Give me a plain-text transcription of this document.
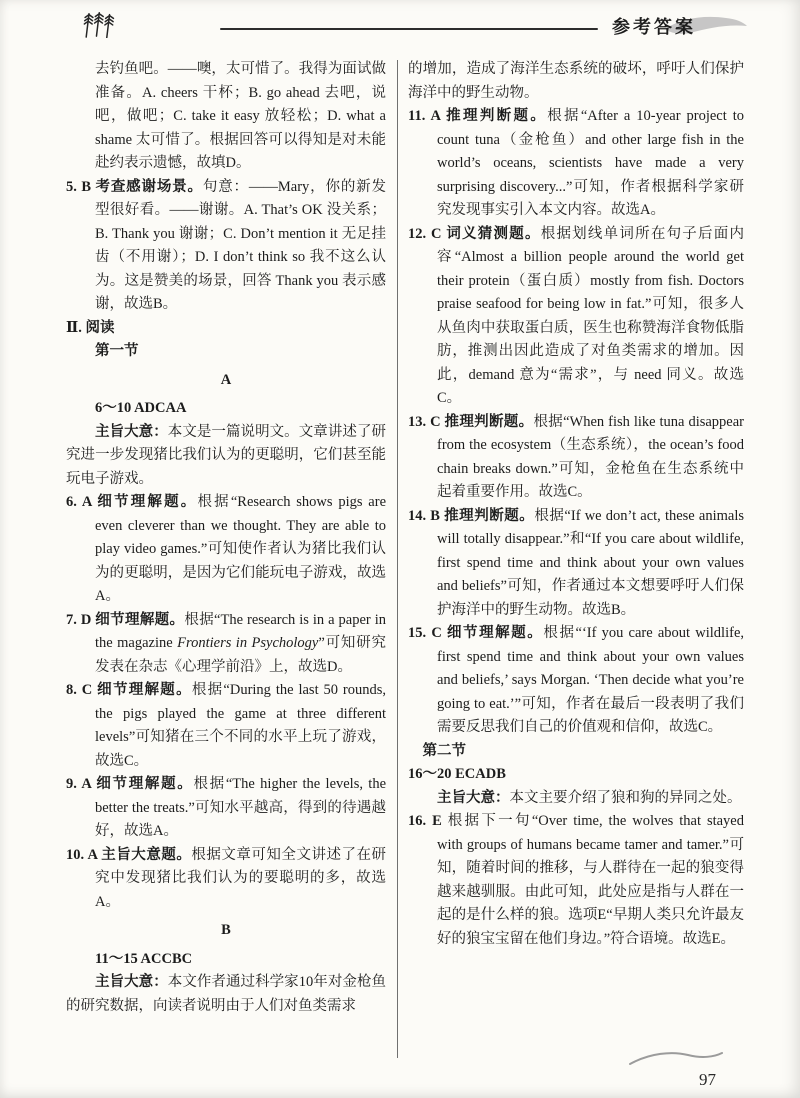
参考答案
去钓鱼吧。——噢，太可惜了。我得为面试做准备。A. cheers 干杯；B. go ahead 去吧，说吧，做吧；C. take it easy 放轻松；D. what a shame 太可惜了。根据回答可以得知是对未能赴约表示遗憾，故填D。
5. B 考查感谢场景。句意：——Mary，你的新发型很好看。——谢谢。A. That’s OK 没关系；B. Thank you 谢谢；C. Don’t mention it 无足挂齿（不用谢）；D. I don’t think so 我不这么认为。这是赞美的场景，回答 Thank you 表示感谢，故选B。
Ⅱ. 阅读
第一节
A
6～10 ADCAA
主旨大意：本文是一篇说明文。文章讲述了研究进一步发现猪比我们认为的更聪明，它们甚至能玩电子游戏。
6. A 细节理解题。根据“Research shows pigs are even cleverer than we thought. They are able to play video games.”可知使作者认为猪比我们认为的更聪明，是因为它们能玩电子游戏，故选A。
7. D 细节理解题。根据“The research is in a paper in the magazine Frontiers in Psychology”可知研究发表在杂志《心理学前沿》上，故选D。
8. C 细节理解题。根据“During the last 50 rounds, the pigs played the game at three different levels”可知猪在三个不同的水平上玩了游戏，故选C。
9. A 细节理解题。根据“The higher the levels, the better the treats.”可知水平越高，得到的待遇越好，故选A。
10. A 主旨大意题。根据文章可知全文讲述了在研究中发现猪比我们认为的要聪明的多，故选A。
B
11～15 ACCBC
主旨大意：本文作者通过科学家10年对金枪鱼的研究数据，向读者说明由于人们对鱼类需求
的增加，造成了海洋生态系统的破坏，呼吁人们保护海洋中的野生动物。
11. A 推理判断题。根据“After a 10-year project to count tuna（金枪鱼）and other large fish in the world’s oceans, scientists have made a very surprising discovery...”可知，作者根据科学家研究发现事实引入本文内容。故选A。
12. C 词义猜测题。根据划线单词所在句子后面内容“Almost a billion people around the world get their protein（蛋白质）mostly from fish. Doctors praise seafood for being low in fat.”可知，很多人从鱼肉中获取蛋白质，医生也称赞海洋食物低脂肪，推测出因此造成了对鱼类需求的增加。因此，demand 意为“需求”，与 need 同义。故选C。
13. C 推理判断题。根据“When fish like tuna disappear from the ecosystem（生态系统），the ocean’s food chain breaks down.”可知，金枪鱼在生态系统中起着重要作用。故选C。
14. B 推理判断题。根据“If we don’t act, these animals will totally disappear.”和“If you care about wildlife, first spend time and think about your own values and beliefs”可知，作者通过本文想要呼吁人们保护海洋中的野生动物。故选B。
15. C 细节理解题。根据“‘If you care about wildlife, first spend time and think about your own values and beliefs,’ says Morgan. ‘Then decide what you’re going to eat.’”可知，作者在最后一段表明了我们需要反思我们自己的价值观和信仰，故选C。
第二节
16～20 ECADB
主旨大意：本文主要介绍了狼和狗的异同之处。
16. E 根据下一句“Over time, the wolves that stayed with groups of humans became tamer and tamer.”可知，随着时间的推移，与人群待在一起的狼变得越来越驯服。由此可知，此处应是指与人群在一起的是什么样的狼。选项E“早期人类只允许最友好的狼宝宝留在他们身边。”符合语境。故选E。
97
